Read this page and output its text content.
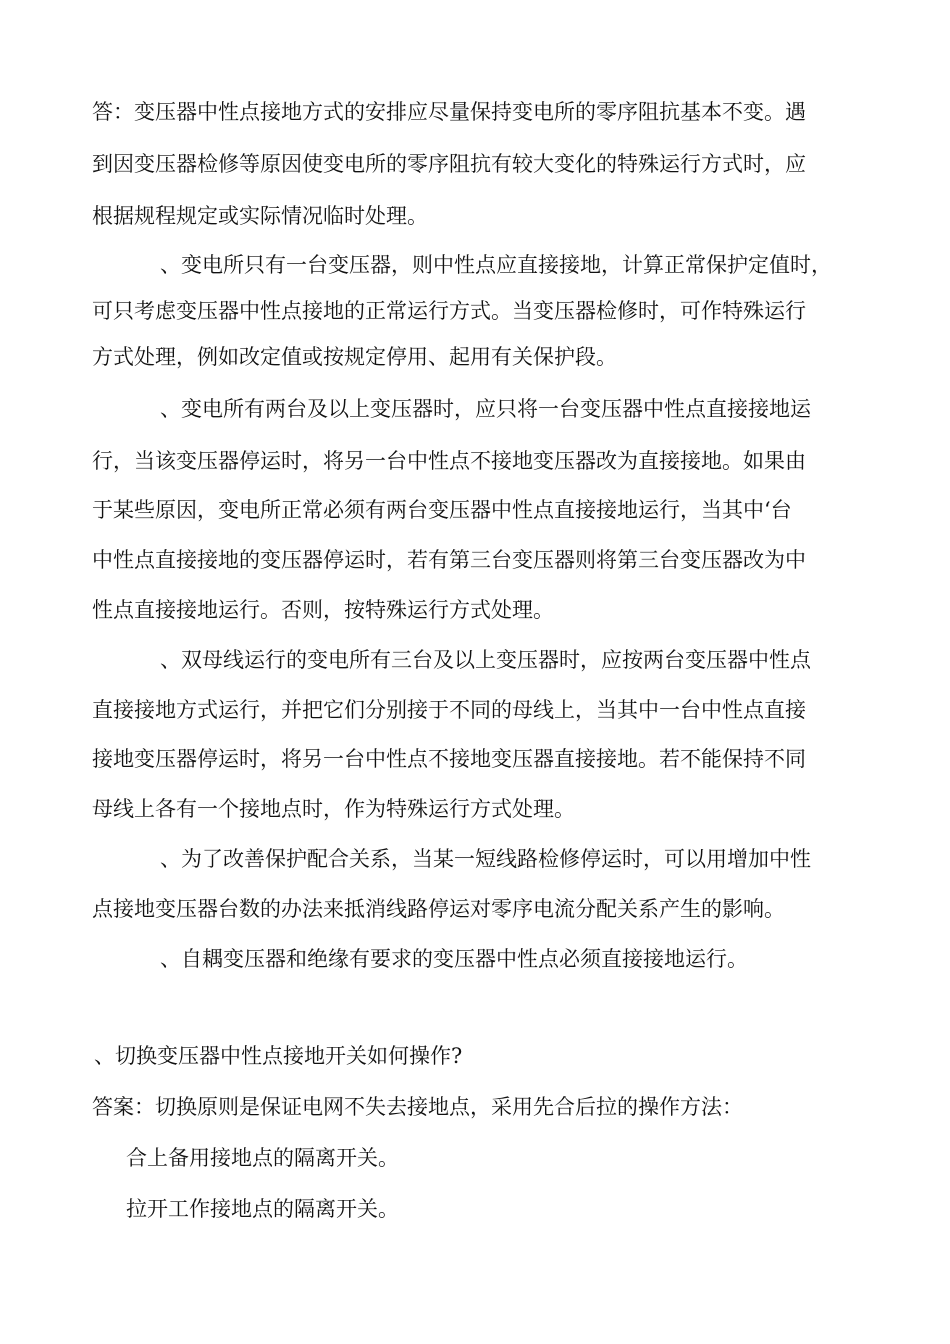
答：变压器中性点接地方式的安排应尽量保持变电所的零序阻抗基本不变。遇
到因变压器检修等原因使变电所的零序阻抗有较大变化的特殊运行方式时，应
根据规程规定或实际情况临时处理。
、变电所只有一台变压器，则中性点应直接接地，计算正常保护定值时，
可只考虑变压器中性点接地的正常运行方式。当变压器检修时，可作特殊运行
方式处理，例如改定值或按规定停用、起用有关保护段。
、变电所有两台及以上变压器时，应只将一台变压器中性点直接接地运
行，当该变压器停运时，将另一台中性点不接地变压器改为直接接地。如果由
于某些原因，变电所正常必须有两台变压器中性点直接接地运行，当其中‘台
中性点直接接地的变压器停运时，若有第三台变压器则将第三台变压器改为中
性点直接接地运行。否则，按特殊运行方式处理。
、双母线运行的变电所有三台及以上变压器时，应按两台变压器中性点
直接接地方式运行，并把它们分别接于不同的母线上，当其中一台中性点直接
接地变压器停运时，将另一台中性点不接地变压器直接接地。若不能保持不同
母线上各有一个接地点时，作为特殊运行方式处理。
、为了改善保护配合关系，当某一短线路检修停运时，可以用增加中性
点接地变压器台数的办法来抵消线路停运对零序电流分配关系产生的影响。
、自耦变压器和绝缘有要求的变压器中性点必须直接接地运行。
、切换变压器中性点接地开关如何操作?
答案：切换原则是保证电网不失去接地点，采用先合后拉的操作方法：
合上备用接地点的隔离开关。
拉开工作接地点的隔离开关。
